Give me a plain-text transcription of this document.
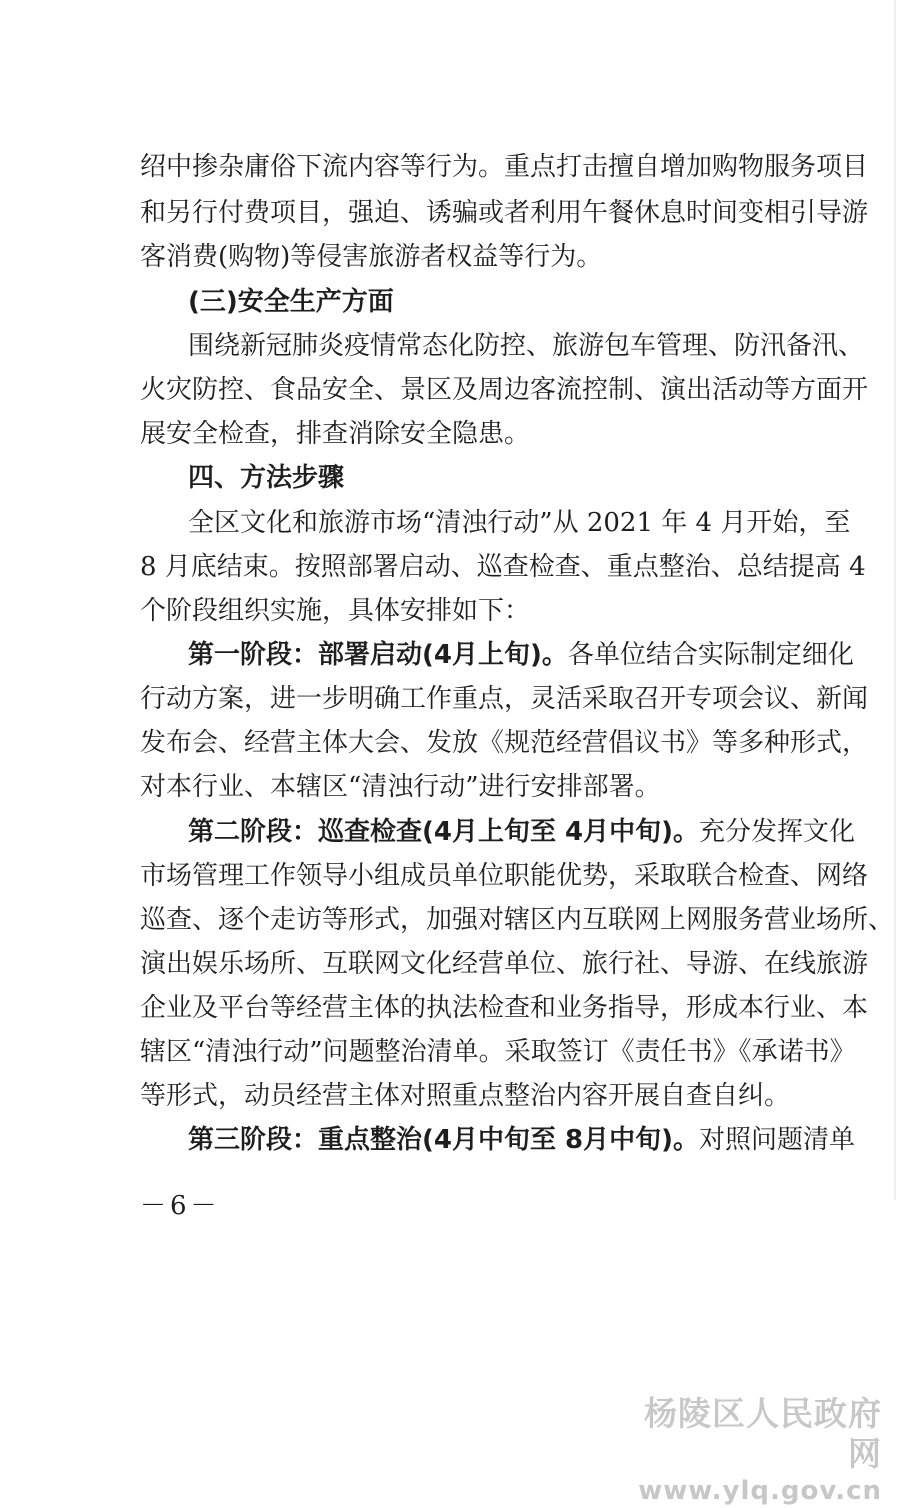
绍中掺杂庸俗下流内容等行为。重点打击擅自增加购物服务项目
和另行付费项目，强迫、诱骗或者利用午餐休息时间变相引导游
客消费(购物)等侵害旅游者权益等行为。
(三)安全生产方面
围绕新冠肺炎疫情常态化防控、旅游包车管理、防汛备汛、
火灾防控、食品安全、景区及周边客流控制、演出活动等方面开
展安全检查，排查消除安全隐患。
四、方法步骤
全区文化和旅游市场“清浊行动”从 2021 年 4 月开始，至
8 月底结束。按照部署启动、巡查检查、重点整治、总结提高 4
个阶段组织实施，具体安排如下：
第一阶段：部署启动(4月上旬)。各单位结合实际制定细化
行动方案，进一步明确工作重点，灵活采取召开专项会议、新闻
发布会、经营主体大会、发放《规范经营倡议书》等多种形式，
对本行业、本辖区“清浊行动”进行安排部署。
第二阶段：巡查检查(4月上旬至 4月中旬)。充分发挥文化
市场管理工作领导小组成员单位职能优势，采取联合检查、网络
巡查、逐个走访等形式，加强对辖区内互联网上网服务营业场所、
演出娱乐场所、互联网文化经营单位、旅行社、导游、在线旅游
企业及平台等经营主体的执法检查和业务指导，形成本行业、本
辖区“清浊行动”问题整治清单。采取签订《责任书》《承诺书》
等形式，动员经营主体对照重点整治内容开展自查自纠。
第三阶段：重点整治(4月中旬至 8月中旬)。对照问题清单
－6－
杨陵区人民政府网
www.ylq.gov.cn
